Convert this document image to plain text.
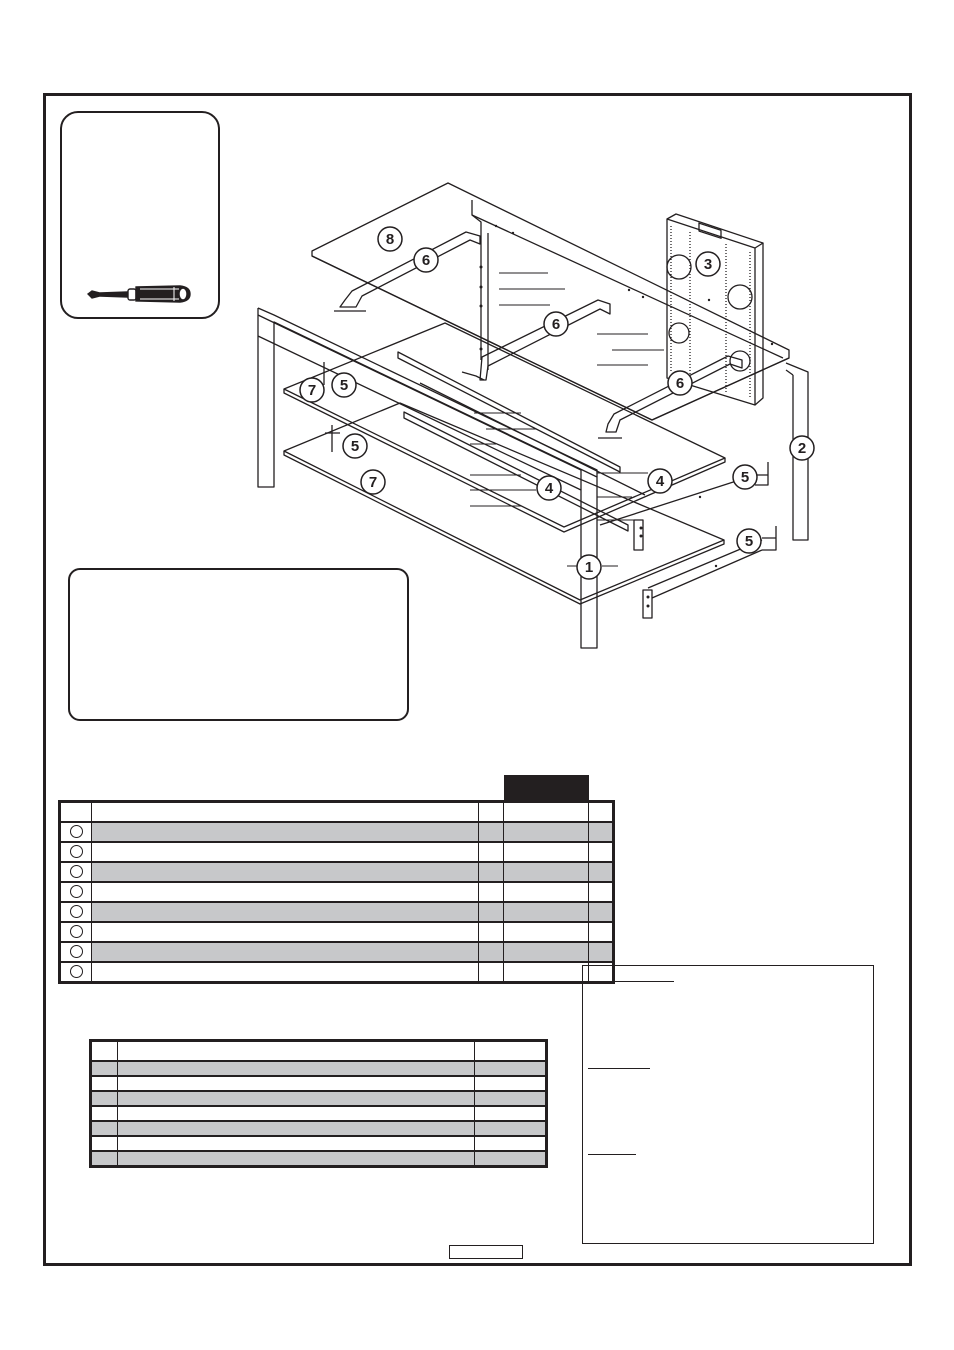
8
6	3
6
6
7 5
5	2
7	4	5
4
5
1
